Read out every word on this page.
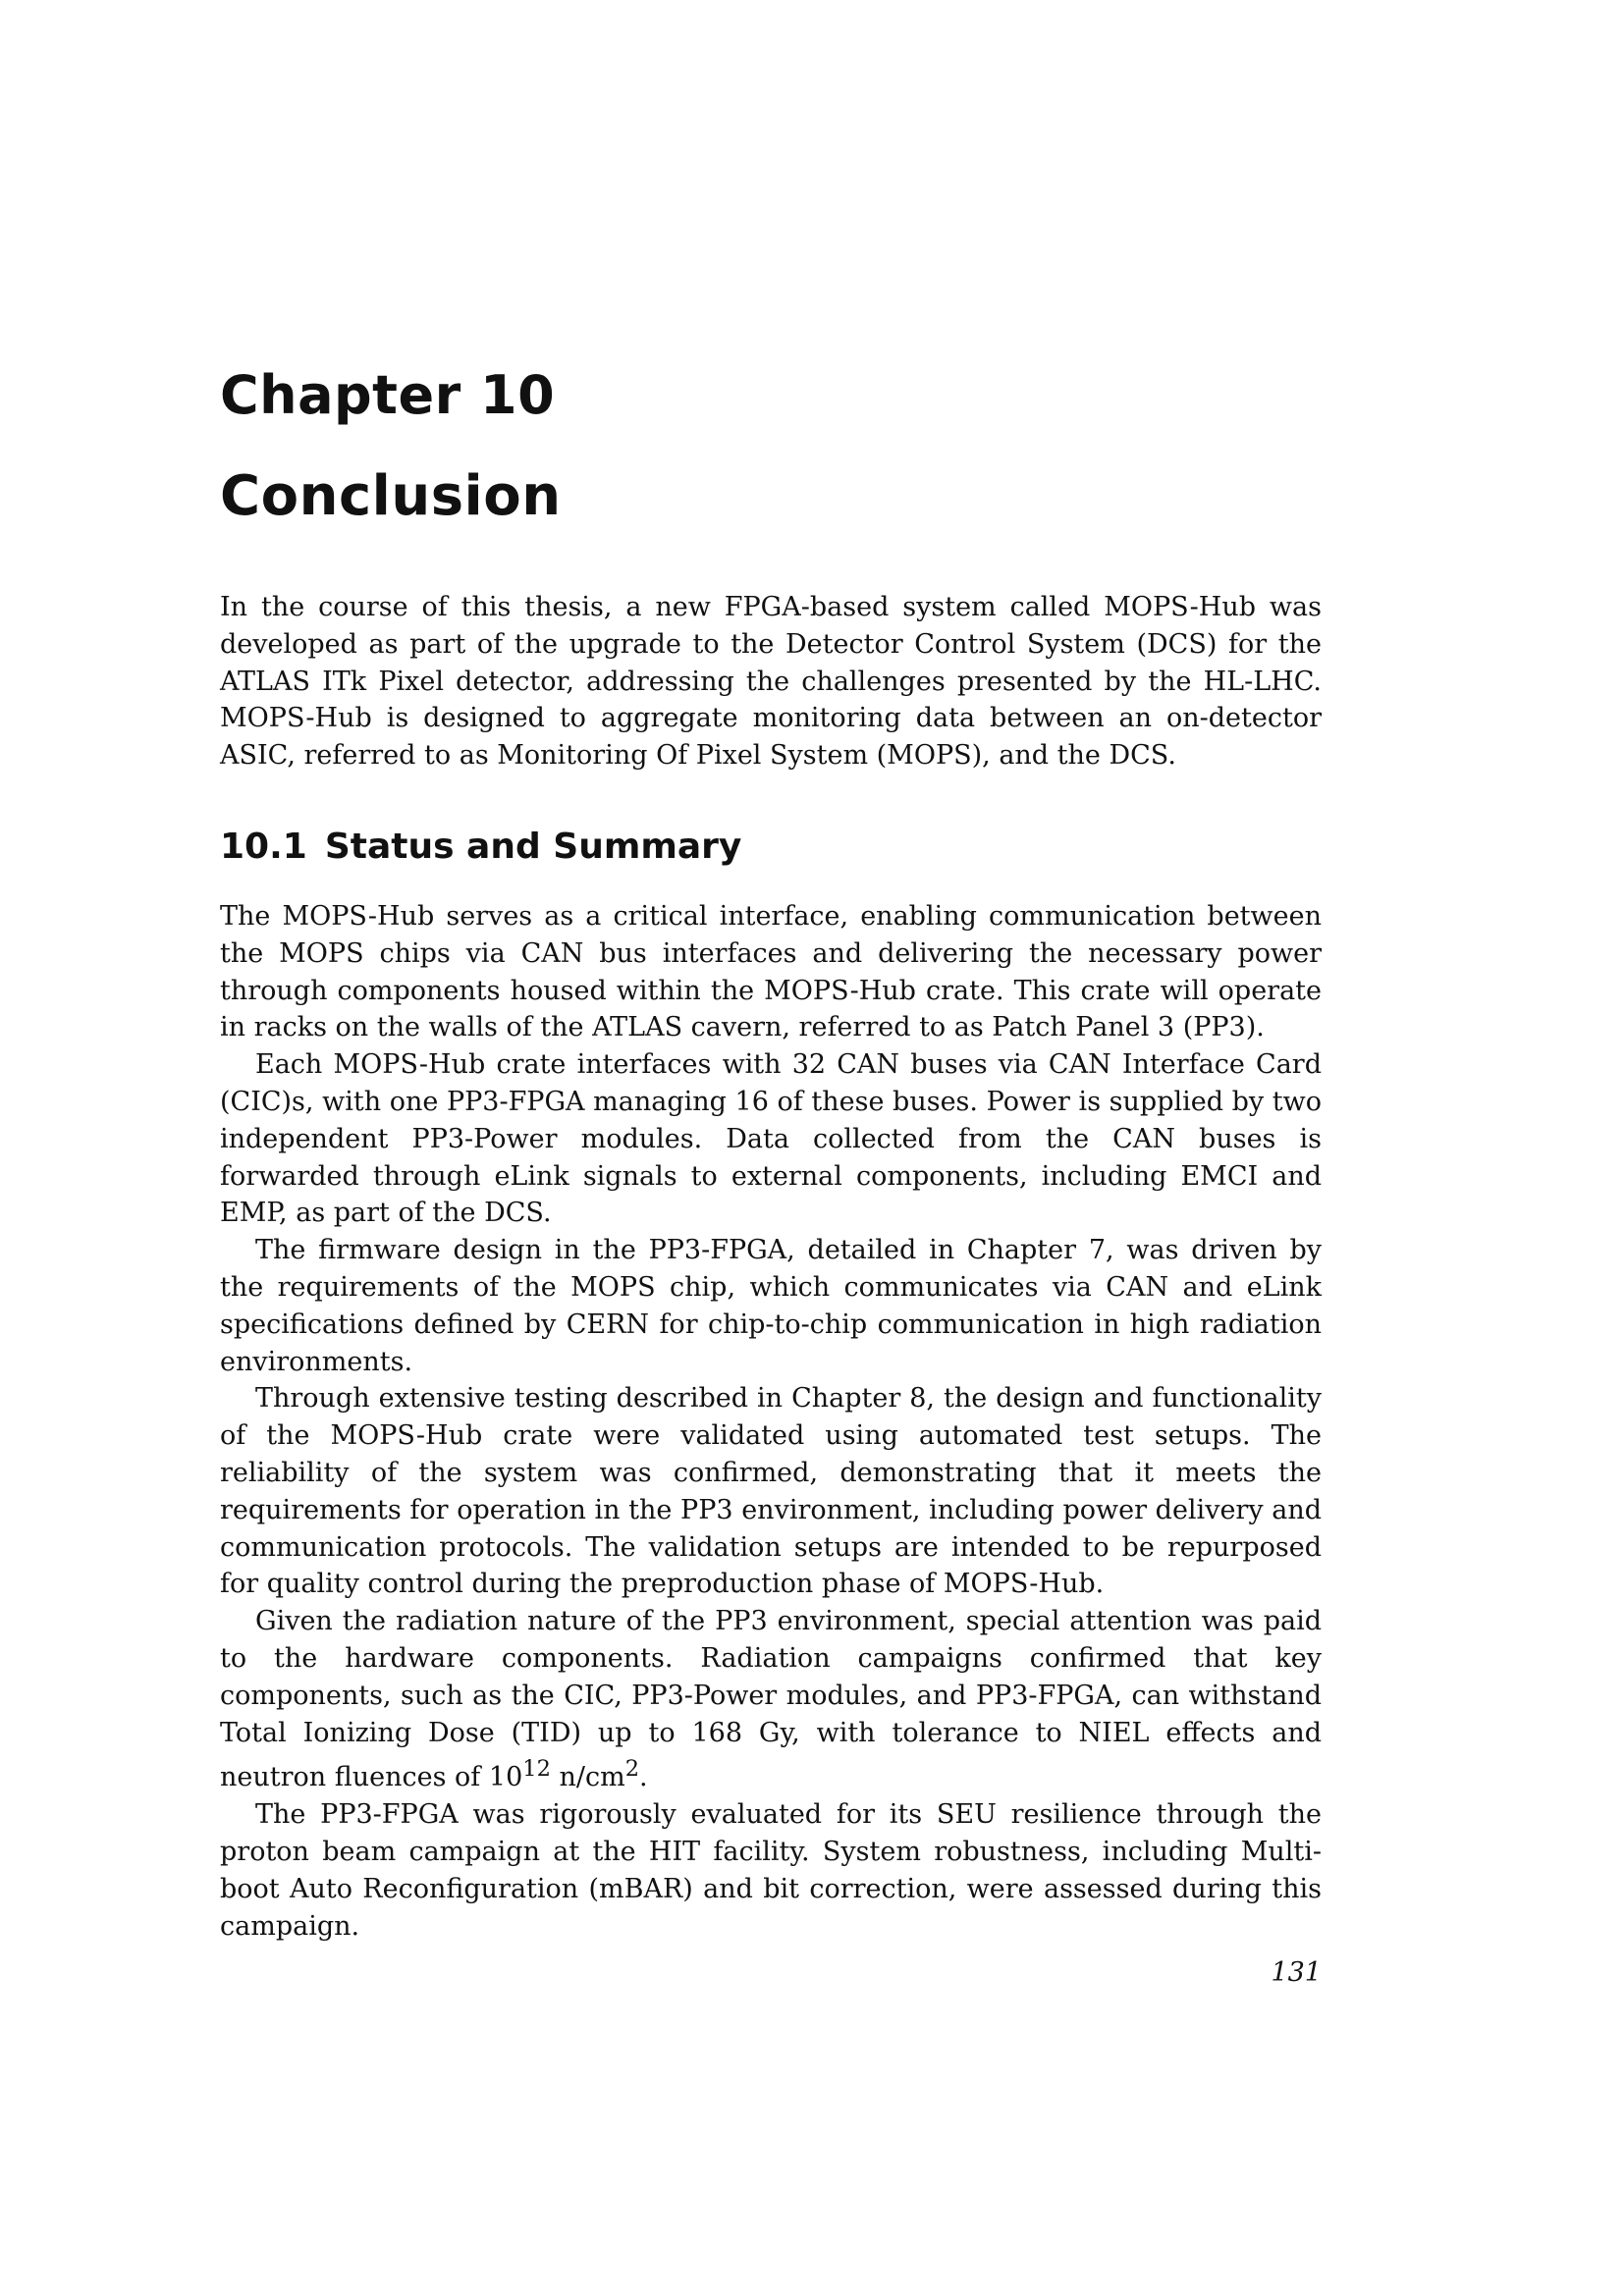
Chapter 10
Conclusion

In the course of this thesis, a new FPGA-based system called MOPS-Hub was developed as part of the upgrade to the Detector Control System (DCS) for the ATLAS ITk Pixel detector, addressing the challenges presented by the HL-LHC. MOPS-Hub is designed to aggregate monitoring data between an on-detector ASIC, referred to as Monitoring Of Pixel System (MOPS), and the DCS.

10.1 Status and Summary

The MOPS-Hub serves as a critical interface, enabling communication between the MOPS chips via CAN bus interfaces and delivering the necessary power through components housed within the MOPS-Hub crate. This crate will operate in racks on the walls of the ATLAS cavern, referred to as Patch Panel 3 (PP3).

Each MOPS-Hub crate interfaces with 32 CAN buses via CAN Interface Card (CIC)s, with one PP3-FPGA managing 16 of these buses. Power is supplied by two independent PP3-Power modules. Data collected from the CAN buses is forwarded through eLink signals to external components, including EMCI and EMP, as part of the DCS.

The firmware design in the PP3-FPGA, detailed in Chapter 7, was driven by the requirements of the MOPS chip, which communicates via CAN and eLink specifications defined by CERN for chip-to-chip communication in high radiation environments.

Through extensive testing described in Chapter 8, the design and functionality of the MOPS-Hub crate were validated using automated test setups. The reliability of the system was confirmed, demonstrating that it meets the requirements for operation in the PP3 environment, including power delivery and communication protocols. The validation setups are intended to be repurposed for quality control during the preproduction phase of MOPS-Hub.

Given the radiation nature of the PP3 environment, special attention was paid to the hardware components. Radiation campaigns confirmed that key components, such as the CIC, PP3-Power modules, and PP3-FPGA, can withstand Total Ionizing Dose (TID) up to 168 Gy, with tolerance to NIEL effects and neutron fluences of $10^{12}$ $n/cm^2$.

The PP3-FPGA was rigorously evaluated for its SEU resilience through the proton beam campaign at the HIT facility. System robustness, including Multi-boot Auto Reconfiguration (mBAR) and bit correction, were assessed during this campaign.

131
